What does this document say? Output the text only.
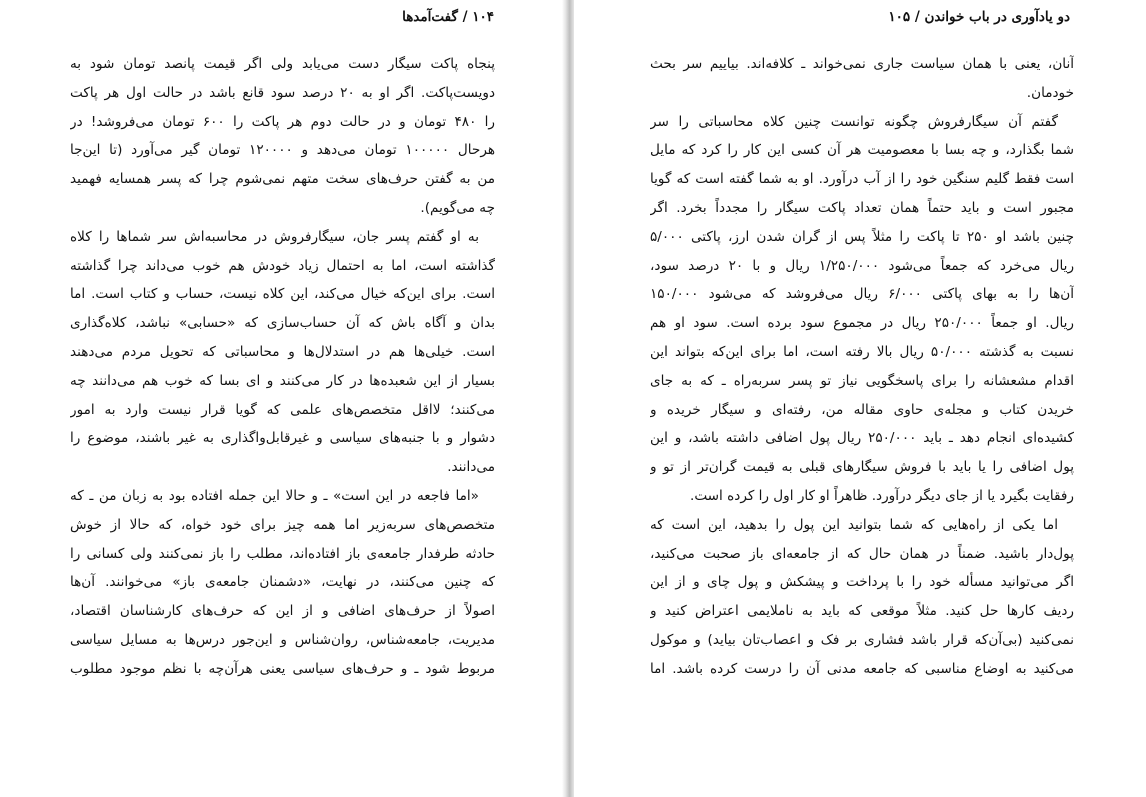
۱۰۴ / گفت‌آمدها
پنجاه پاکت سیگار دست می‌یابد ولی اگر قیمت پانصد تومان شود به
دویست‌پاکت. اگر او به ۲۰ درصد سود قانع باشد در حالت اول هر پاکت
را ۴۸۰ تومان و در حالت دوم هر پاکت را ۶۰۰ تومان می‌فروشد! در
هرحال ۱۰۰۰۰۰ تومان می‌دهد و ۱۲۰۰۰۰ تومان گیر می‌آورد (تا این‌جا
من به گفتن حرف‌های سخت متهم نمی‌شوم چرا که پسر همسایه فهمید
چه می‌گویم).
به او گفتم پسر جان، سیگارفروش در محاسبه‌اش سر شماها را کلاه
گذاشته است، اما به احتمال زیاد خودش هم خوب می‌داند چرا گذاشته
است. برای این‌که خیال می‌کند، این کلاه نیست، حساب و کتاب است. اما
بدان و آگاه باش که آن حساب‌سازی که «حسابی» نباشد، کلاه‌گذاری
است. خیلی‌ها هم در استدلال‌ها و محاسباتی که تحویل مردم می‌دهند
بسیار از این شعبده‌ها در کار می‌کنند و ای بسا که خوب هم می‌دانند چه
می‌کنند؛ لااقل متخصص‌های علمی که گویا قرار نیست وارد به امور
دشوار و با جنبه‌های سیاسی و غیرقابل‌واگذاری به غیر باشند، موضوع را
می‌دانند.
«اما فاجعه در این است» ـ و حالا این جمله افتاده بود به زبان من ـ که
متخصص‌های سربه‌زیر اما همه چیز برای خود خواه، که حالا از خوش
حادثه طرفدار جامعه‌ی باز افتاده‌اند، مطلب را باز نمی‌کنند ولی کسانی را
که چنین می‌کنند، در نهایت، «دشمنان جامعه‌ی باز» می‌خوانند. آن‌ها
اصولاً از حرف‌های اضافی و از این که حرف‌های کارشناسان اقتصاد،
مدیریت، جامعه‌شناس، روان‌شناس و این‌جور درس‌ها به مسایل سیاسی
مربوط شود ـ و حرف‌های سیاسی یعنی هرآن‌چه با نظم موجود مطلوب
دو یادآوری در باب خواندن / ۱۰۵
آنان، یعنی با همان سیاست جاری نمی‌خواند ـ کلافه‌اند. بیاییم سر بحث
خودمان.
گفتم آن سیگارفروش چگونه توانست چنین کلاه محاسباتی را سر
شما بگذارد، و چه بسا با معصومیت هر آن کسی این کار را کرد که مایل
است فقط گلیم سنگین خود را از آب درآورد. او به شما گفته است که گویا
مجبور است و باید حتماً همان تعداد پاکت سیگار را مجدداً بخرد. اگر
چنین باشد او ۲۵۰ تا پاکت را مثلاً پس از گران شدن ارز، پاکتی ۵/۰۰۰
ریال می‌خرد که جمعاً می‌شود ۱/۲۵۰/۰۰۰ ریال و با ۲۰ درصد سود،
آن‌ها را به بهای پاکتی ۶/۰۰۰ ریال می‌فروشد که می‌شود ۱۵۰/۰۰۰
ریال. او جمعاً ۲۵۰/۰۰۰ ریال در مجموع سود برده است. سود او هم
نسبت به گذشته ۵۰/۰۰۰ ریال بالا رفته است، اما برای این‌که بتواند این
اقدام مشعشانه را برای پاسخگویی نیاز تو پسر سربه‌راه ـ که به جای
خریدن کتاب و مجله‌ی حاوی مقاله من، رفته‌ای و سیگار خریده و
کشیده‌ای انجام دهد ـ باید ۲۵۰/۰۰۰ ریال پول اضافی داشته باشد، و این
پول اضافی را یا باید با فروش سیگارهای قبلی به قیمت گران‌تر از تو و
رفقایت بگیرد یا از جای دیگر درآورد. ظاهراً او کار اول را کرده است.
اما یکی از راه‌هایی که شما بتوانید این پول را بدهید، این است که
پول‌دار باشید. ضمناً در همان حال که از جامعه‌ای باز صحبت می‌کنید،
اگر می‌توانید مسأله خود را با پرداخت و پیشکش و پول چای و از این
ردیف کارها حل کنید. مثلاً موقعی که باید به ناملایمی اعتراض کنید و
نمی‌کنید (بی‌آن‌که قرار باشد فشاری بر فک و اعصاب‌تان بیاید) و موکول
می‌کنید به اوضاع مناسبی که جامعه مدنی آن را درست کرده باشد. اما
